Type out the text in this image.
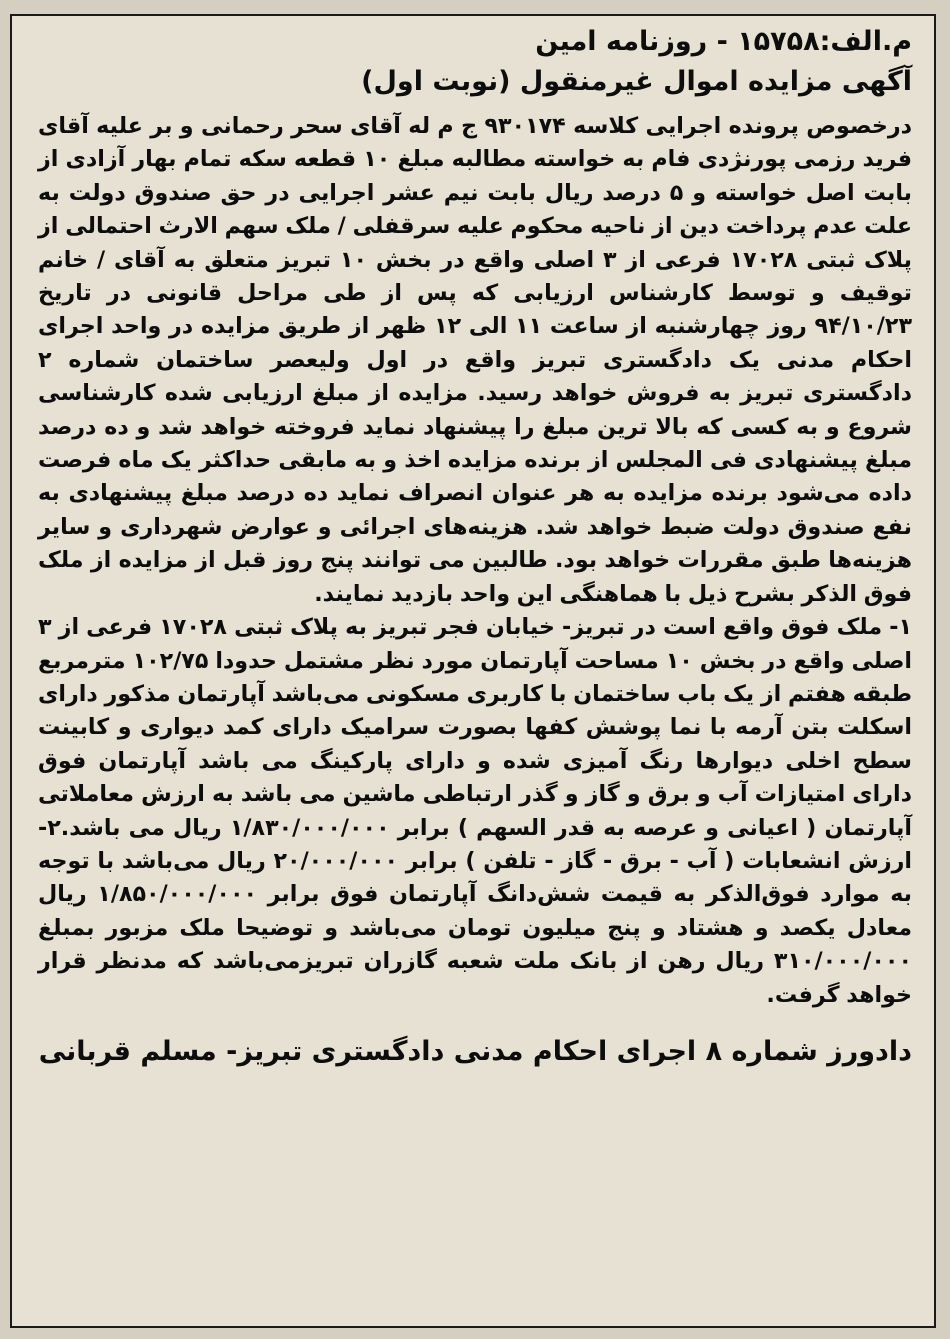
م.الف:۱۵۷۵۸ - روزنامه امین

آگهی مزایده اموال غیرمنقول (نوبت اول)

درخصوص پرونده اجرایی کلاسه ۹۳۰۱۷۴ ج م له آقای سحر رحمانی و بر علیه آقای فرید رزمی پورنژدی فام به خواسته مطالبه مبلغ ۱۰ قطعه سکه تمام بهار آزادی از بابت اصل خواسته و ۵ درصد ریال بابت نیم عشر اجرایی در حق صندوق دولت به علت عدم پرداخت دین از ناحیه محکوم علیه سرقفلی / ملک سهم الارث احتمالی از پلاک ثبتی ۱۷۰۲۸ فرعی از ۳ اصلی واقع در بخش ۱۰ تبریز متعلق به آقای / خانم توقیف و توسط کارشناس ارزیابی که پس از طی مراحل قانونی در تاریخ ۹۴/۱۰/۲۳ روز چهارشنبه از ساعت ۱۱ الی ۱۲ ظهر از طریق مزایده در واحد اجرای احکام مدنی یک دادگستری تبریز واقع در اول ولیعصر ساختمان شماره ۲ دادگستری تبریز به فروش خواهد رسید. مزایده از مبلغ ارزیابی شده کارشناسی شروع و به کسی که بالا ترین مبلغ را پیشنهاد نماید فروخته خواهد شد و ده درصد مبلغ پیشنهادی فی المجلس از برنده مزایده اخذ و به مابقی حداکثر یک ماه فرصت داده می‌شود برنده مزایده به هر عنوان انصراف نماید ده درصد مبلغ پیشنهادی به نفع صندوق دولت ضبط خواهد شد. هزینه‌های اجرائی و عوارض شهرداری و سایر هزینه‌ها طبق مقررات خواهد بود. طالبین می توانند پنج روز قبل از مزایده از ملک فوق الذکر بشرح ذیل با هماهنگی این واحد بازدید نمایند.

۱- ملک فوق واقع است در تبریز- خیابان فجر تبریز به پلاک ثبتی ۱۷۰۲۸ فرعی از ۳ اصلی واقع در بخش ۱۰ مساحت آپارتمان مورد نظر مشتمل حدودا ۱۰۲/۷۵ مترمربع طبقه هفتم از یک باب ساختمان با کاربری مسکونی می‌باشد آپارتمان مذکور دارای اسکلت بتن آرمه با نما پوشش کفها بصورت سرامیک دارای کمد دیواری و کابینت سطح اخلی دیوارها رنگ آمیزی شده و دارای پارکینگ می باشد آپارتمان فوق دارای امتیازات آب و برق و گاز و گذر ارتباطی ماشین می باشد به ارزش معاملاتی آپارتمان ( اعیانی و عرصه به قدر السهم ) برابر ۱/۸۳۰/۰۰۰/۰۰۰ ریال می باشد.۲- ارزش انشعابات ( آب - برق - گاز - تلفن ) برابر ۲۰/۰۰۰/۰۰۰ ریال می‌باشد با توجه به موارد فوق‌الذکر به قیمت شش‌دانگ آپارتمان فوق برابر ۱/۸۵۰/۰۰۰/۰۰۰ ریال معادل یکصد و هشتاد و پنج میلیون تومان می‌باشد و توضیحا ملک مزبور بمبلغ ۳۱۰/۰۰۰/۰۰۰ ریال رهن از بانک ملت شعبه گازران تبریزمی‌باشد که مدنظر قرار خواهد گرفت.

دادورز شماره ۸ اجرای احکام مدنی دادگستری تبریز- مسلم قربانی
